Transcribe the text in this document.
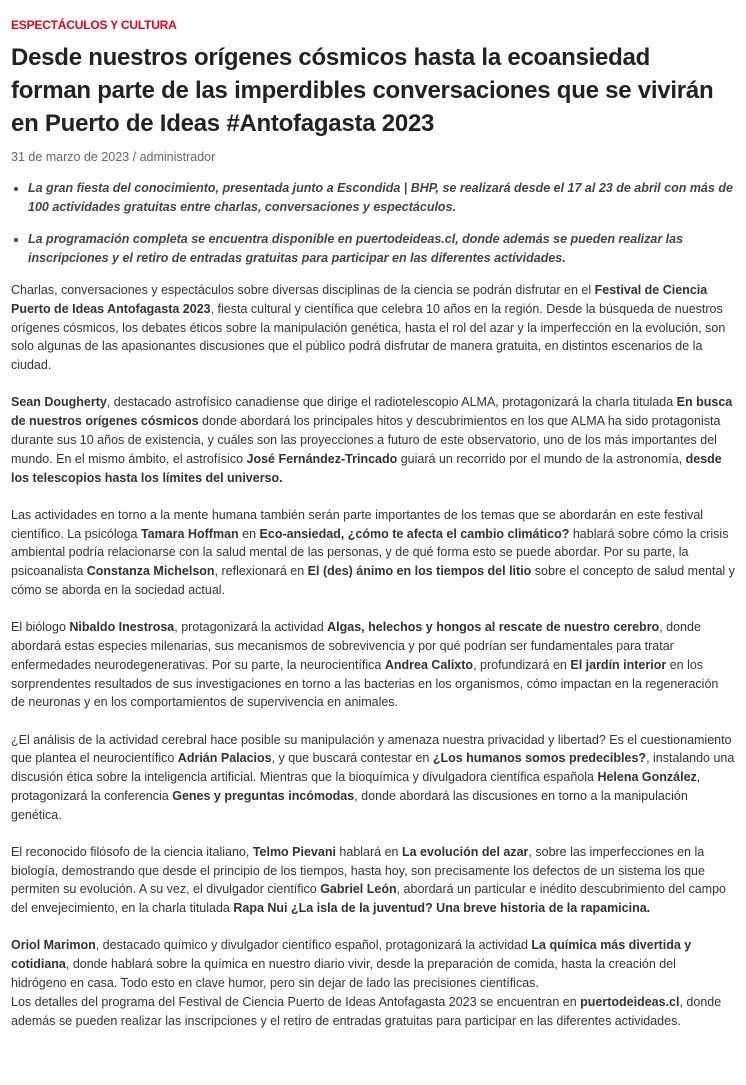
ESPECTÁCULOS Y CULTURA
Desde nuestros orígenes cósmicos hasta la ecoansiedad forman parte de las imperdibles conversaciones que se vivirán en Puerto de Ideas #Antofagasta 2023
31 de marzo de 2023 / administrador
• La gran fiesta del conocimiento, presentada junto a Escondida | BHP, se realizará desde el 17 al 23 de abril con más de 100 actividades gratuitas entre charlas, conversaciones y espectáculos.
• La programación completa se encuentra disponible en puertodeideas.cl, donde además se pueden realizar las inscripciones y el retiro de entradas gratuitas para participar en las diferentes actividades.

Charlas, conversaciones y espectáculos sobre diversas disciplinas de la ciencia se podrán disfrutar en el Festival de Ciencia Puerto de Ideas Antofagasta 2023, fiesta cultural y científica que celebra 10 años en la región. Desde la búsqueda de nuestros orígenes cósmicos, los debates éticos sobre la manipulación genética, hasta el rol del azar y la imperfección en la evolución, son solo algunas de las apasionantes discusiones que el público podrá disfrutar de manera gratuita, en distintos escenarios de la ciudad.

Sean Dougherty, destacado astrofísico canadiense que dirige el radiotelescopio ALMA, protagonizará la charla titulada En busca de nuestros orígenes cósmicos donde abordará los principales hitos y descubrimientos en los que ALMA ha sido protagonista durante sus 10 años de existencia, y cuáles son las proyecciones a futuro de este observatorio, uno de los más importantes del mundo. En el mismo ámbito, el astrofísico José Fernández-Trincado guiará un recorrido por el mundo de la astronomía, desde los telescopios hasta los límites del universo.

Las actividades en torno a la mente humana también serán parte importantes de los temas que se abordarán en este festival científico. La psicóloga Tamara Hoffman en Eco-ansiedad, ¿cómo te afecta el cambio climático? hablará sobre cómo la crisis ambiental podría relacionarse con la salud mental de las personas, y de qué forma esto se puede abordar. Por su parte, la psicoanalista Constanza Michelson, reflexionará en El (des) ánimo en los tiempos del litio sobre el concepto de salud mental y cómo se aborda en la sociedad actual.

El biólogo Nibaldo Inestrosa, protagonizará la actividad Algas, helechos y hongos al rescate de nuestro cerebro, donde abordará estas especies milenarias, sus mecanismos de sobrevivencia y por qué podrían ser fundamentales para tratar enfermedades neurodegenerativas. Por su parte, la neurocientífica Andrea Calixto, profundizará en El jardín interior en los sorprendentes resultados de sus investigaciones en torno a las bacterias en los organismos, cómo impactan en la regeneración de neuronas y en los comportamientos de supervivencia en animales.

¿El análisis de la actividad cerebral hace posible su manipulación y amenaza nuestra privacidad y libertad? Es el cuestionamiento que plantea el neurocientífico Adrián Palacios, y que buscará contestar en ¿Los humanos somos predecibles?, instalando una discusión ética sobre la inteligencia artificial. Mientras que la bioquímica y divulgadora científica española Helena González, protagonizará la conferencia Genes y preguntas incómodas, donde abordará las discusiones en torno a la manipulación genética.

El reconocido filósofo de la ciencia italiano, Telmo Pievani hablará en La evolución del azar, sobre las imperfecciones en la biología, demostrando que desde el principio de los tiempos, hasta hoy, son precisamente los defectos de un sistema los que permiten su evolución. A su vez, el divulgador científico Gabriel León, abordará un particular e inédito descubrimiento del campo del envejecimiento, en la charla titulada Rapa Nui ¿La isla de la juventud? Una breve historia de la rapamicina.

Oriol Marimon, destacado químico y divulgador científico español, protagonizará la actividad La química más divertida y cotidiana, donde hablará sobre la química en nuestro diario vivir, desde la preparación de comida, hasta la creación del hidrógeno en casa. Todo esto en clave humor, pero sin dejar de lado las precisiones científicas.

Los detalles del programa del Festival de Ciencia Puerto de Ideas Antofagasta 2023 se encuentran en puertodeideas.cl, donde además se pueden realizar las inscripciones y el retiro de entradas gratuitas para participar en las diferentes actividades.
